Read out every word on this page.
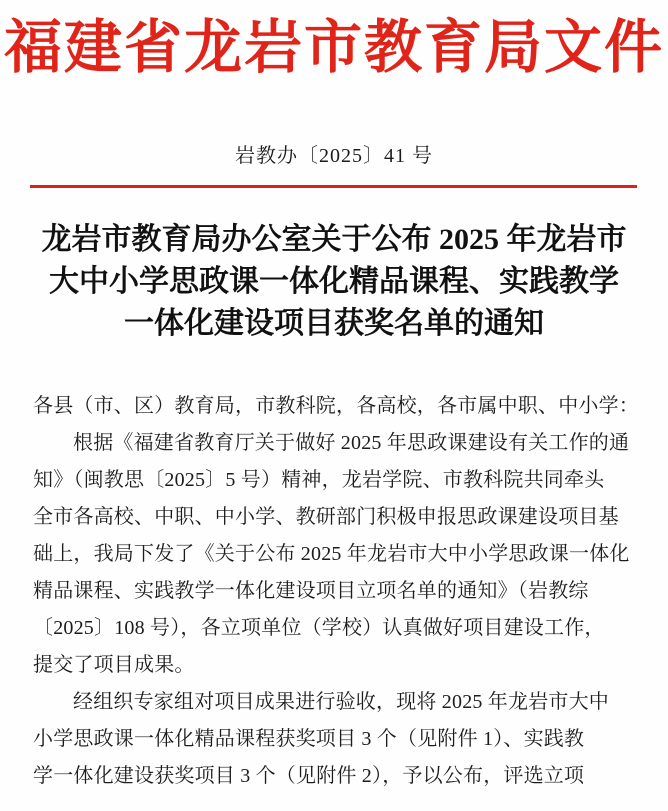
福建省龙岩市教育局文件
岩教办〔2025〕41 号
龙岩市教育局办公室关于公布 2025 年龙岩市
大中小学思政课一体化精品课程、实践教学
一体化建设项目获奖名单的通知
各县（市、区）教育局，市教科院，各高校，各市属中职、中小学：
根据《福建省教育厅关于做好 2025 年思政课建设有关工作的通
知》（闽教思〔2025〕5 号）精神，龙岩学院、市教科院共同牵头
全市各高校、中职、中小学、教研部门积极申报思政课建设项目基
础上，我局下发了《关于公布 2025 年龙岩市大中小学思政课一体化
精品课程、实践教学一体化建设项目立项名单的通知》（岩教综
〔2025〕108 号），各立项单位（学校）认真做好项目建设工作，
提交了项目成果。
经组织专家组对项目成果进行验收，现将 2025 年龙岩市大中
小学思政课一体化精品课程获奖项目 3 个（见附件 1）、实践教
学一体化建设获奖项目 3 个（见附件 2），予以公布，评选立项
